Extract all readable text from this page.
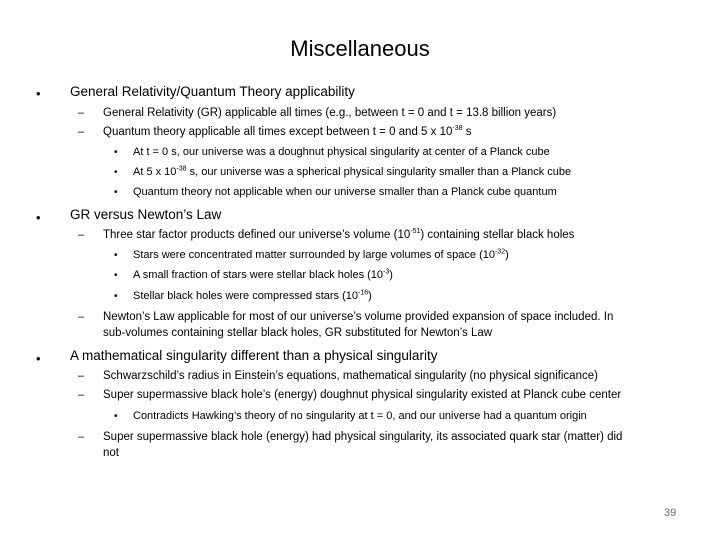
Miscellaneous
• General Relativity/Quantum Theory applicability
– General Relativity (GR) applicable all times (e.g., between t = 0 and t = 13.8 billion years)
– Quantum theory applicable all times except between t = 0 and 5 x $10^{-38}$ s
• At t = 0 s, our universe was a doughnut physical singularity at center of a Planck cube
• At 5 x $10^{-38}$ s, our universe was a spherical physical singularity smaller than a Planck cube
• Quantum theory not applicable when our universe smaller than a Planck cube quantum
• GR versus Newton’s Law
– Three star factor products defined our universe’s volume $(10^{-51})$ containing stellar black holes
• Stars were concentrated matter surrounded by large volumes of space $(10^{-32})$
• A small fraction of stars were stellar black holes $(10^{-3})$
• Stellar black holes were compressed stars $(10^{-16})$
– Newton’s Law applicable for most of our universe’s volume provided expansion of space included. In
sub-volumes containing stellar black holes, GR substituted for Newton’s Law
• A mathematical singularity different than a physical singularity
– Schwarzschild’s radius in Einstein’s equations, mathematical singularity (no physical significance)
– Super supermassive black hole’s (energy) doughnut physical singularity existed at Planck cube center
• Contradicts Hawking’s theory of no singularity at t = 0, and our universe had a quantum origin
– Super supermassive black hole (energy) had physical singularity, its associated quark star (matter) did
not
39
